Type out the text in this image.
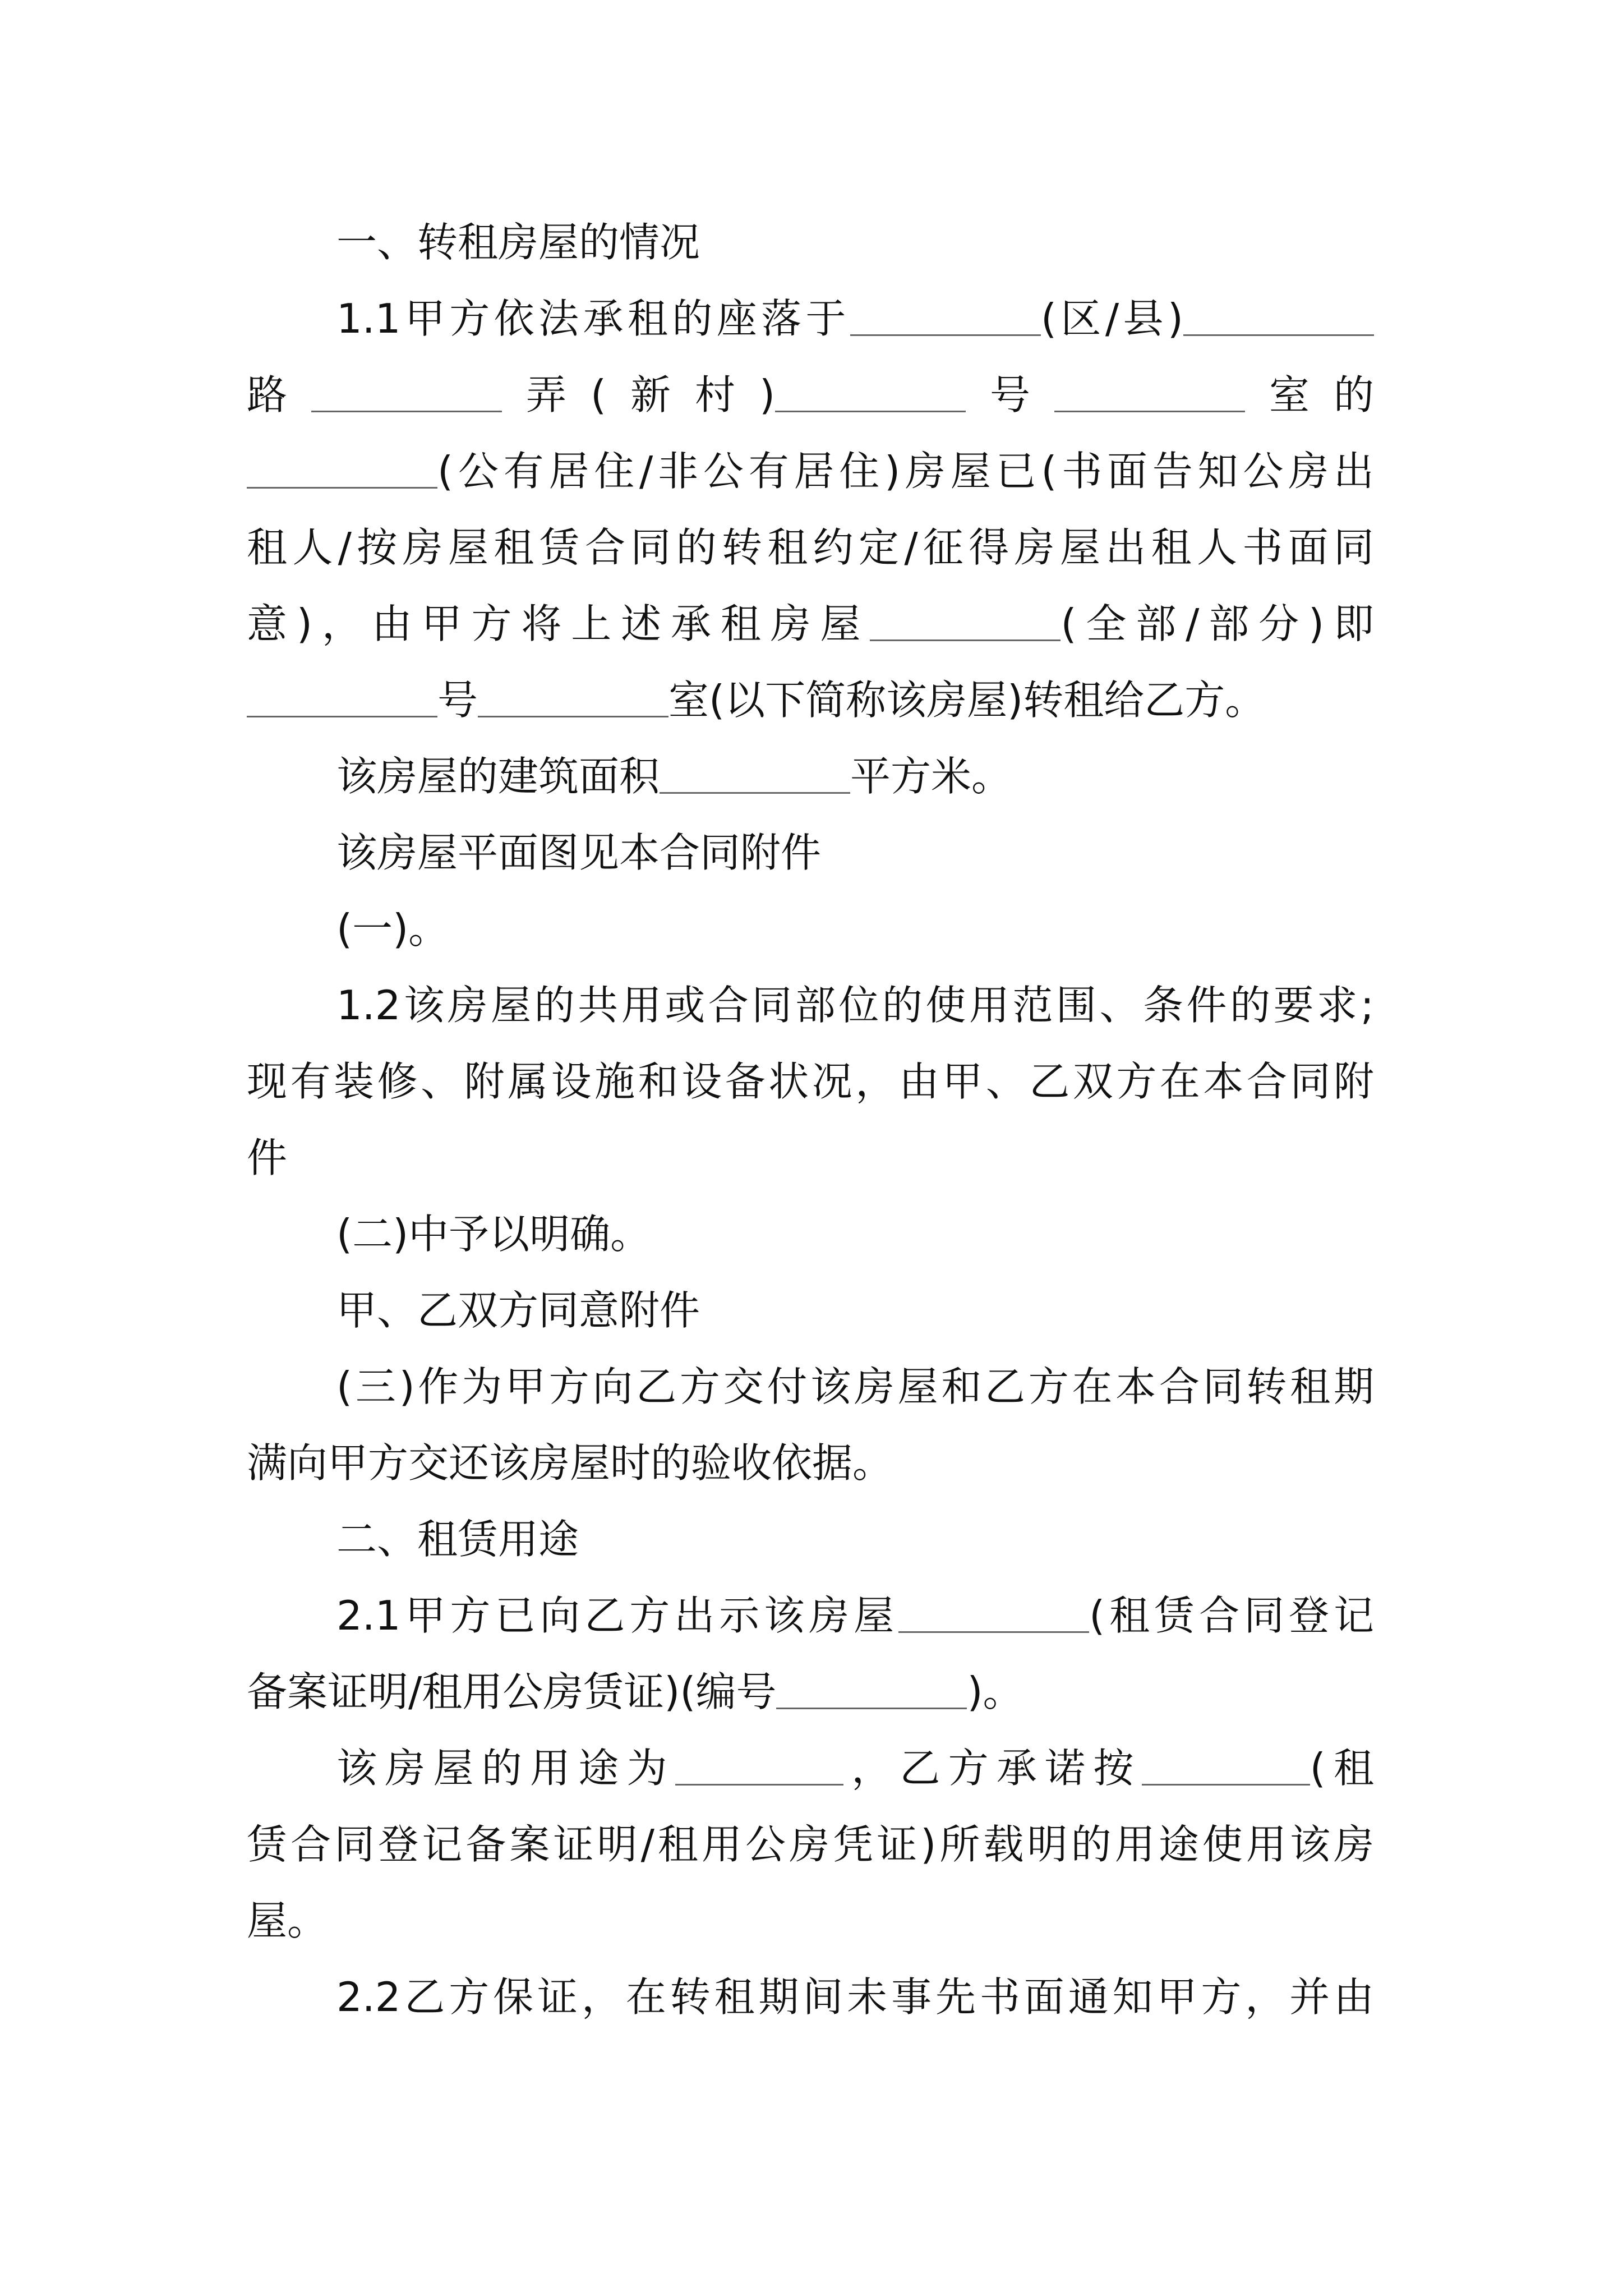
一、转租房屋的情况
1.1甲方依法承租的座落于	(区/县)
路	弄(新村)	号	室的
(公有居住/非公有居住)房屋已(书面告知公房出
租人/按房屋租赁合同的转租约定/征得房屋出租人书面同
意)，由甲方将上述承租房屋	(全部/部分)即
号	室(以下简称该房屋)转租给乙方。
该房屋的建筑面积	平方米。
该房屋平面图见本合同附件
(一)。
1.2该房屋的共用或合同部位的使用范围、条件的要求;
现有装修、附属设施和设备状况，由甲、乙双方在本合同附
件
(二)中予以明确。
甲、乙双方同意附件
(三)作为甲方向乙方交付该房屋和乙方在本合同转租期
满向甲方交还该房屋时的验收依据。
二、租赁用途
2.1甲方已向乙方出示该房屋	(租赁合同登记
备案证明/租用公房赁证)(编号	)。
该房屋的用途为	，乙方承诺按	(租
赁合同登记备案证明/租用公房凭证)所载明的用途使用该房
屋。
2.2乙方保证，在转租期间未事先书面通知甲方，并由
